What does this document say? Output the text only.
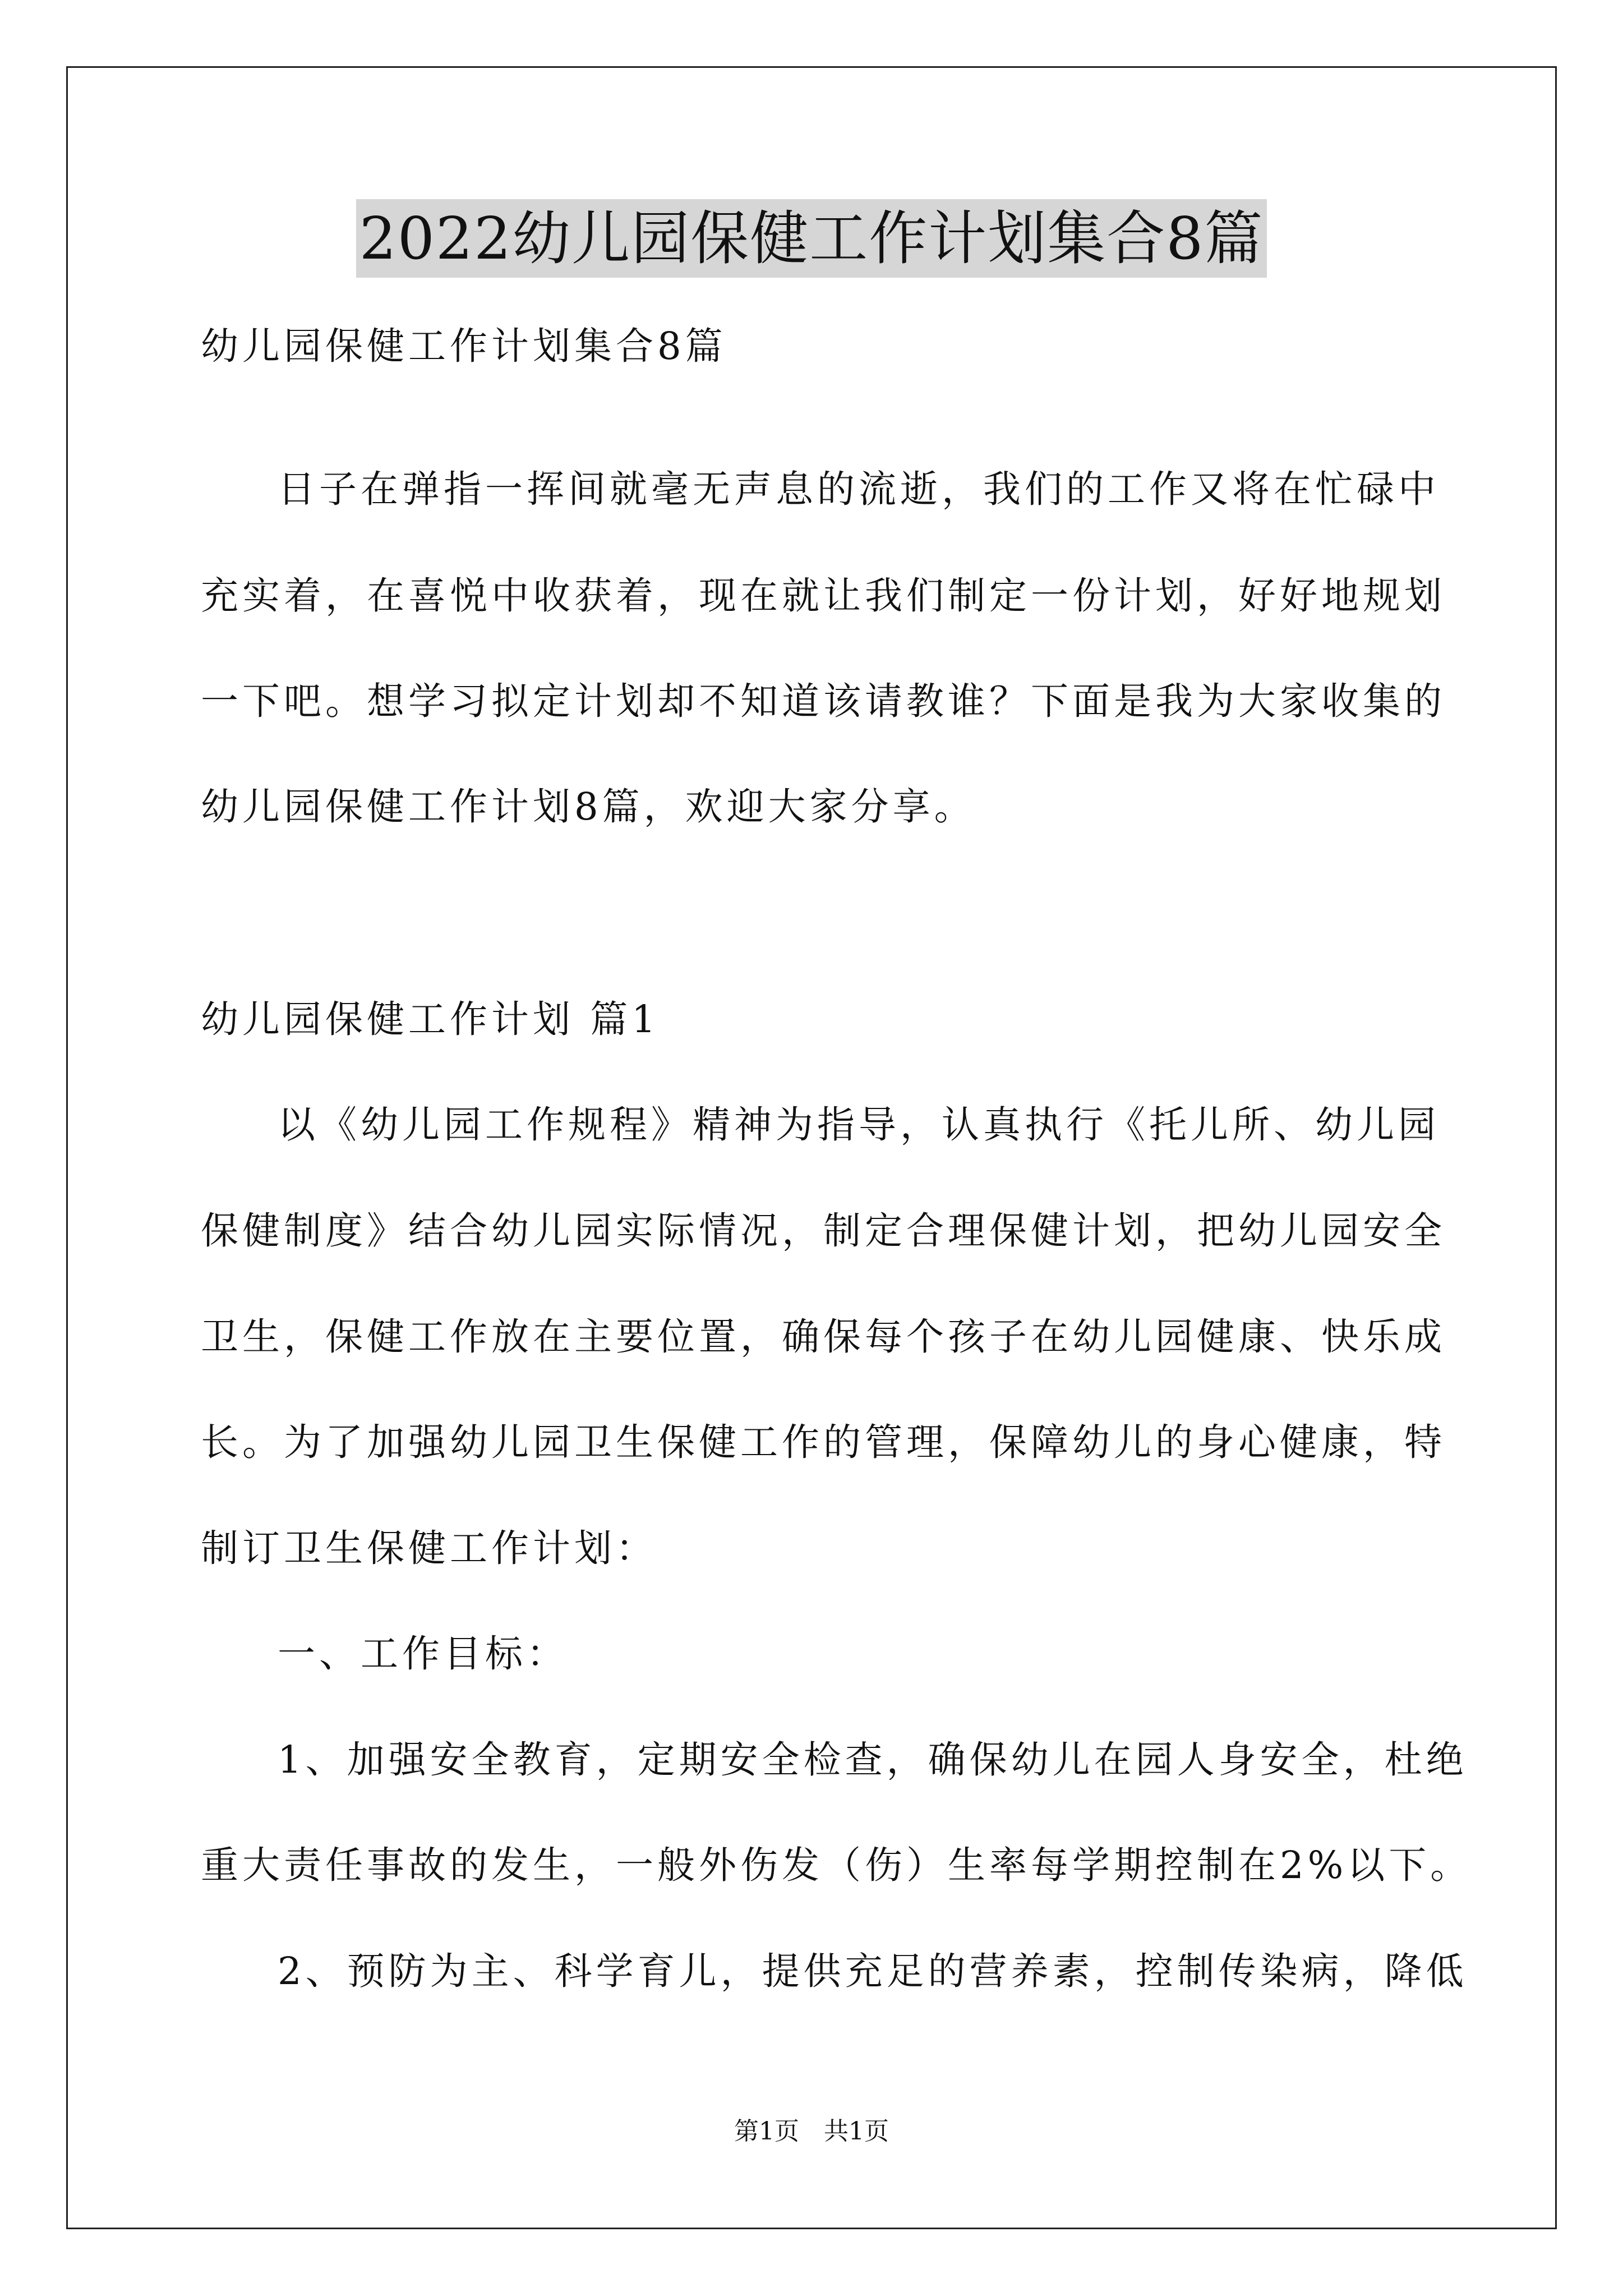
2022幼儿园保健工作计划集合8篇
幼儿园保健工作计划集合8篇
日子在弹指一挥间就毫无声息的流逝，我们的工作又将在忙碌中
充实着，在喜悦中收获着，现在就让我们制定一份计划，好好地规划
一下吧。想学习拟定计划却不知道该请教谁？下面是我为大家收集的
幼儿园保健工作计划8篇，欢迎大家分享。
幼儿园保健工作计划 篇1
以《幼儿园工作规程》精神为指导，认真执行《托儿所、幼儿园
保健制度》结合幼儿园实际情况，制定合理保健计划，把幼儿园安全
卫生，保健工作放在主要位置，确保每个孩子在幼儿园健康、快乐成
长。为了加强幼儿园卫生保健工作的管理，保障幼儿的身心健康，特
制订卫生保健工作计划：
一、工作目标：
1、加强安全教育，定期安全检查，确保幼儿在园人身安全，杜绝
重大责任事故的发生，一般外伤发（伤）生率每学期控制在2%以下。
2、预防为主、科学育儿，提供充足的营养素，控制传染病，降低
第1页 共1页
